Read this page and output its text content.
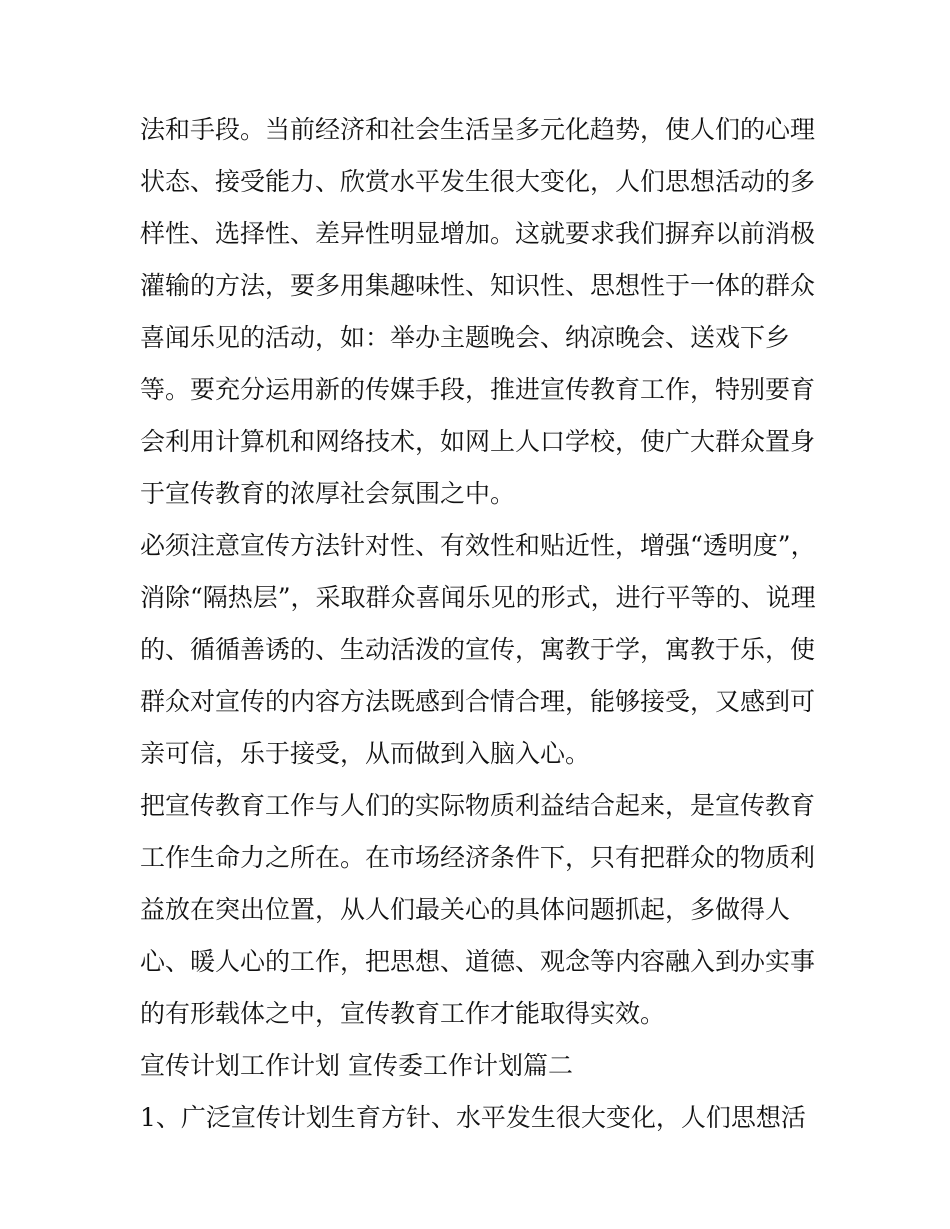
法和手段。当前经济和社会生活呈多元化趋势，使人们的心理
状态、接受能力、欣赏水平发生很大变化，人们思想活动的多
样性、选择性、差异性明显增加。这就要求我们摒弃以前消极
灌输的方法，要多用集趣味性、知识性、思想性于一体的群众
喜闻乐见的活动，如：举办主题晚会、纳凉晚会、送戏下乡
等。要充分运用新的传媒手段，推进宣传教育工作，特别要育
会利用计算机和网络技术，如网上人口学校，使广大群众置身
于宣传教育的浓厚社会氛围之中。
必须注意宣传方法针对性、有效性和贴近性，增强“透明度”，
消除“隔热层”，采取群众喜闻乐见的形式，进行平等的、说理
的、循循善诱的、生动活泼的宣传，寓教于学，寓教于乐，使
群众对宣传的内容方法既感到合情合理，能够接受，又感到可
亲可信，乐于接受，从而做到入脑入心。
把宣传教育工作与人们的实际物质利益结合起来，是宣传教育
工作生命力之所在。在市场经济条件下，只有把群众的物质利
益放在突出位置，从人们最关心的具体问题抓起，多做得人
心、暖人心的工作，把思想、道德、观念等内容融入到办实事
的有形载体之中，宣传教育工作才能取得实效。
宣传计划工作计划 宣传委工作计划篇二
1、广泛宣传计划生育方针、水平发生很大变化，人们思想活
